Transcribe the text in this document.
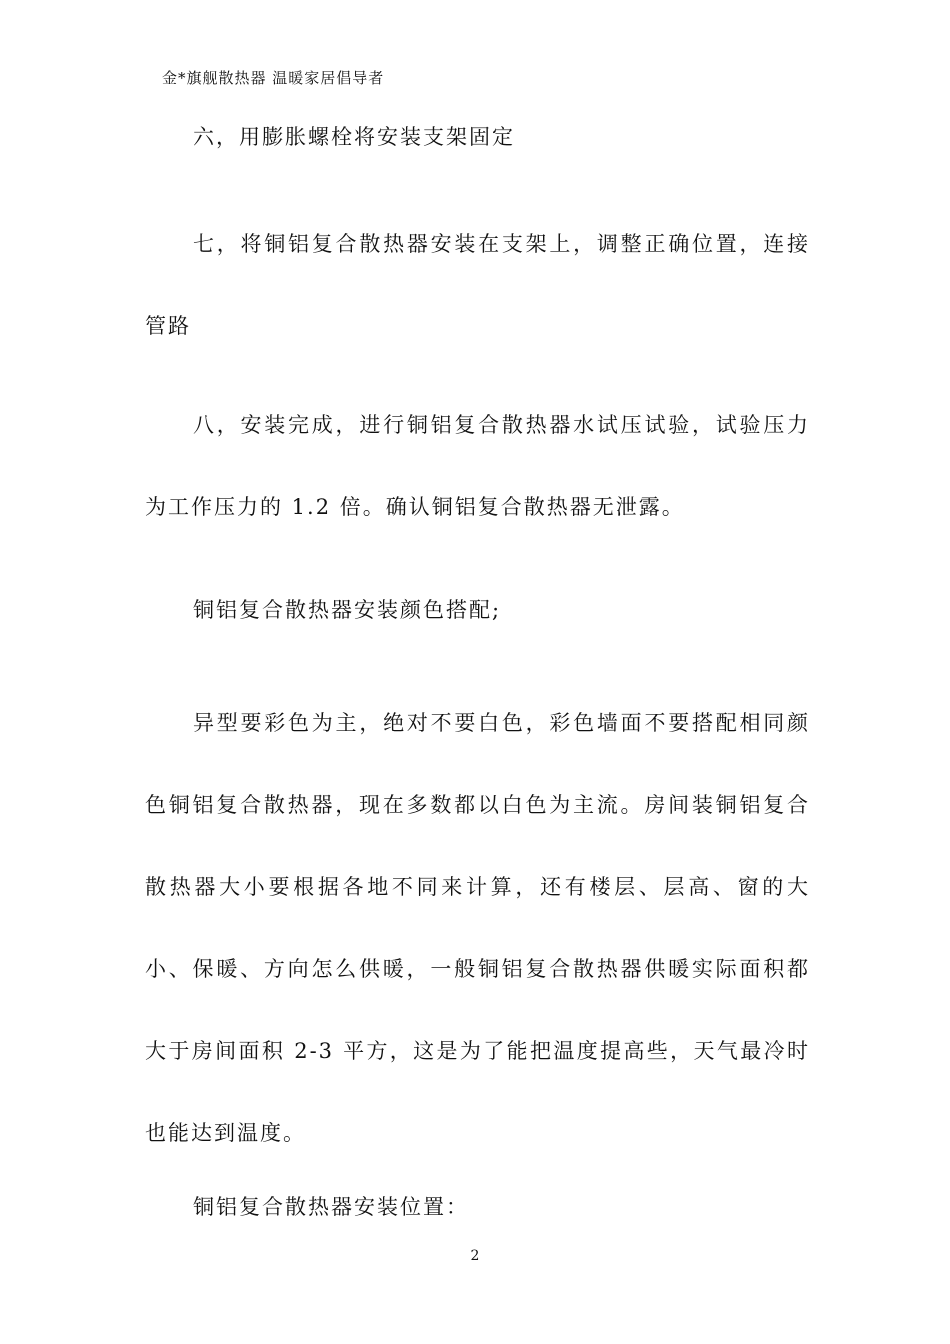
金*旗舰散热器 温暖家居倡导者

六，用膨胀螺栓将安装支架固定

七，将铜铝复合散热器安装在支架上，调整正确位置，连接管路

八，安装完成，进行铜铝复合散热器水试压试验，试验压力为工作压力的 1.2 倍。确认铜铝复合散热器无泄露。

铜铝复合散热器安装颜色搭配;

异型要彩色为主，绝对不要白色，彩色墙面不要搭配相同颜色铜铝复合散热器，现在多数都以白色为主流。房间装铜铝复合散热器大小要根据各地不同来计算，还有楼层、层高、窗的大小、保暖、方向怎么供暖，一般铜铝复合散热器供暖实际面积都大于房间面积 2-3 平方，这是为了能把温度提高些，天气最冷时也能达到温度。

铜铝复合散热器安装位置：

2
